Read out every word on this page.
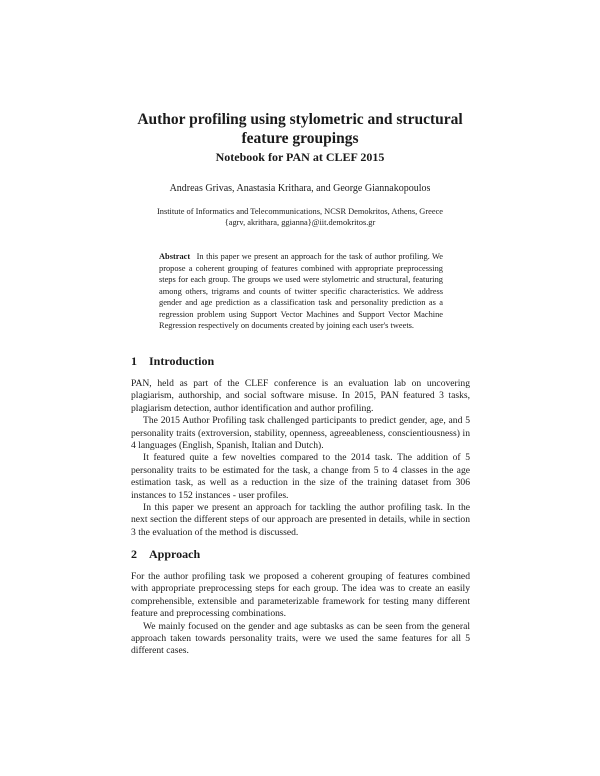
Author profiling using stylometric and structural
feature groupings
Notebook for PAN at CLEF 2015
Andreas Grivas, Anastasia Krithara, and George Giannakopoulos
Institute of Informatics and Telecommunications, NCSR Demokritos, Athens, Greece
{agrv, akrithara, ggianna}@iit.demokritos.gr

Abstract In this paper we present an approach for the task of author profiling. We propose a coherent grouping of features combined with appropriate preprocessing steps for each group. The groups we used were stylometric and structural, featuring among others, trigrams and counts of twitter specific characteristics. We address gender and age prediction as a classification task and personality prediction as a regression problem using Support Vector Machines and Support Vector Machine Regression respectively on documents created by joining each user's tweets.

1 Introduction

PAN, held as part of the CLEF conference is an evaluation lab on uncovering plagiarism, authorship, and social software misuse. In 2015, PAN featured 3 tasks, plagiarism detection, author identification and author profiling.

The 2015 Author Profiling task challenged participants to predict gender, age, and 5 personality traits (extroversion, stability, openness, agreeableness, conscientiousness) in 4 languages (English, Spanish, Italian and Dutch).

It featured quite a few novelties compared to the 2014 task. The addition of 5 personality traits to be estimated for the task, a change from 5 to 4 classes in the age estimation task, as well as a reduction in the size of the training dataset from 306 instances to 152 instances - user profiles.

In this paper we present an approach for tackling the author profiling task. In the next section the different steps of our approach are presented in details, while in section 3 the evaluation of the method is discussed.

2 Approach

For the author profiling task we proposed a coherent grouping of features combined with appropriate preprocessing steps for each group. The idea was to create an easily comprehensible, extensible and parameterizable framework for testing many different feature and preprocessing combinations.

We mainly focused on the gender and age subtasks as can be seen from the general approach taken towards personality traits, were we used the same features for all 5 different cases.
